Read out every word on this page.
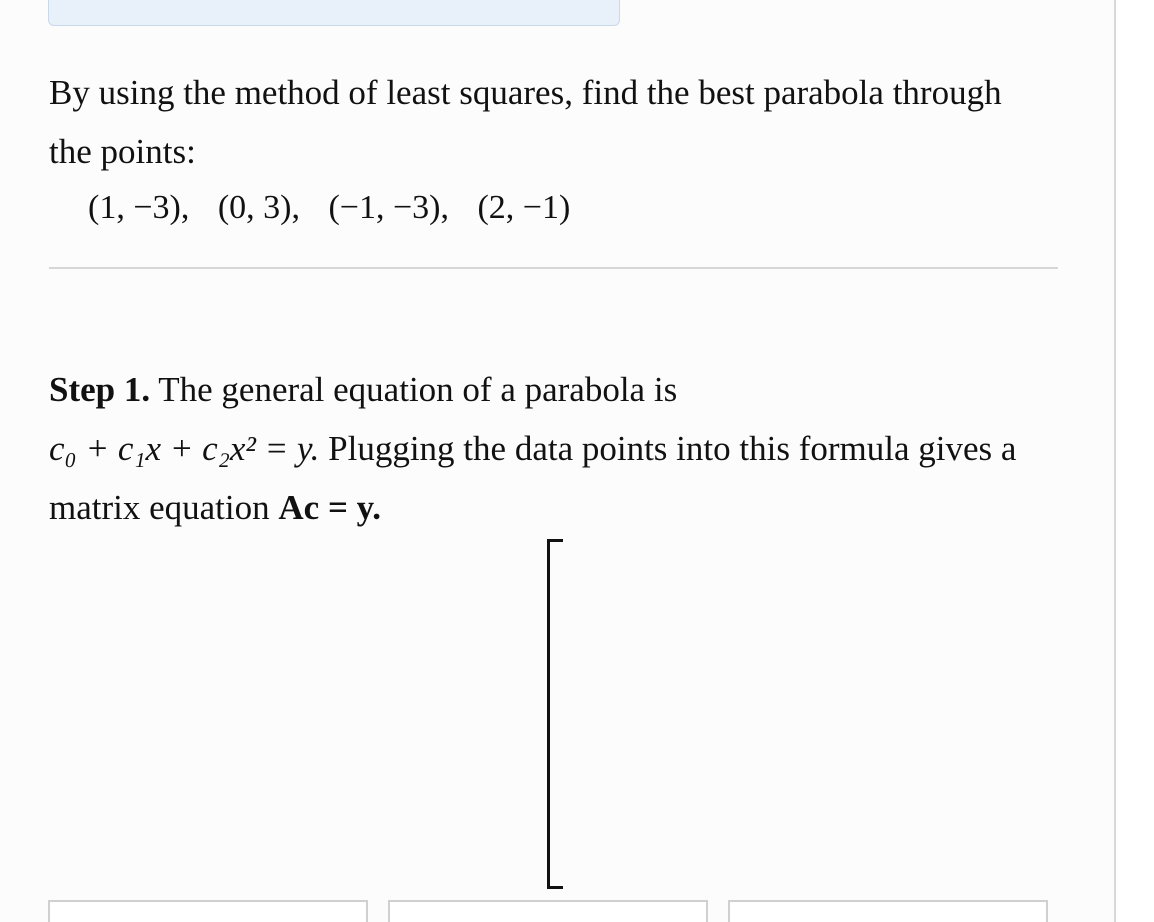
By using the method of least squares, find the best parabola through the points:

(1, −3), (0, 3), (−1, −3), (2, −1)
Step 1. The general equation of a parabola is
c₀ + c₁x + c₂x² = y. Plugging the data points into this formula gives a matrix equation Ac = y.
